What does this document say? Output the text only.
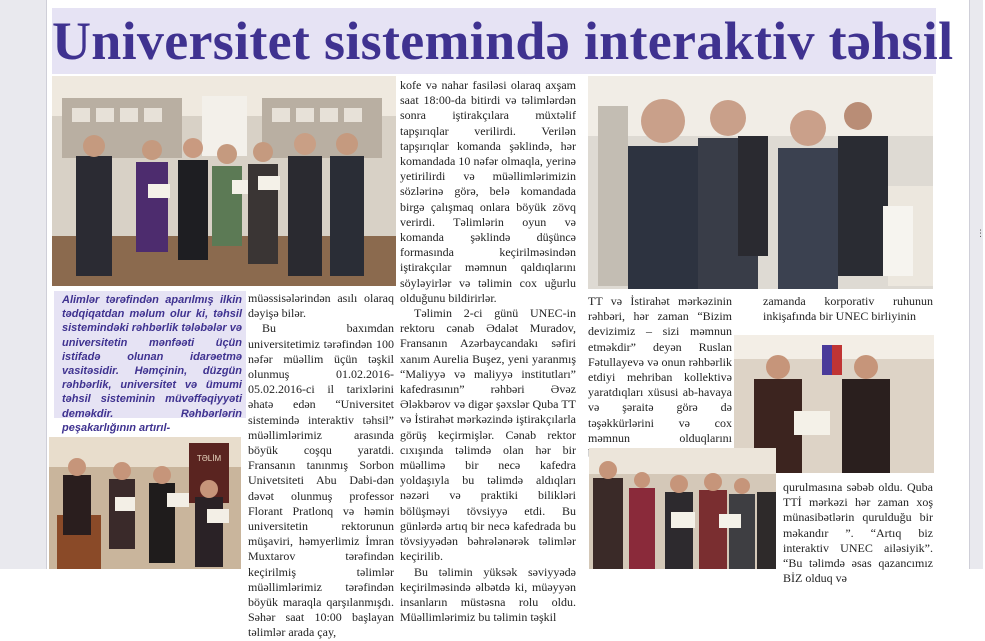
⋮
Universitet sistemində interaktiv təhsil

Alimlər tərəfindən aparılmış ilkin tədqiqatdan məlum olur ki, təhsil sistemindəki rəhbərlik tələbələr və universitetin mənfəəti üçün istifadə olunan idarəetmə vasitəsidir. Həmçinin, düzgün rəhbərlik, universitet və ümumi təhsil sisteminin müvəffəqiyyəti deməkdir. Rəhbərlərin peşakarlığının artırıl-

TƏLİM

müəssisələrindən asılı olaraq dəyişə bilər.

Bu baxımdan universitetimiz tərəfindən 100 nəfər müəllim üçün təşkil olunmuş 01.02.2016-05.02.2016-ci il tarixlərini əhatə edən “Universitet sistemində interaktiv təhsil” müəllimlərimiz arasında böyük coşqu yaratdi. Fransanın tanınmış Sorbon Univetsiteti Abu Dabi-dən dəvət olunmuş professor Florant Pratlonq və həmin universitetin rektorunun müşaviri, həmyerlimiz İmran Muxtarov tərəfindən keçirilmiş təlimlər müəllimlərimiz tərəfindən böyük maraqla qarşılanmışdı. Səhər saat 10:00 başlayan təlimlər arada çay,

kofe və nahar fasiləsi olaraq axşam saat 18:00-da bitirdi və təlimlərdən sonra iştirakçılara müxtəlif tapşırıqlar verilirdi. Verilən tapşırıqlar komanda şəklində, hər komandada 10 nəfər olmaqla, yerinə yetirilirdi və müəllimlərimizin sözlərinə görə, belə komandada birgə çalışmaq onlara böyük zövq verirdi. Təlimlərin oyun və komanda şəklində düşüncə formasında keçirilməsindən iştirakçılar məmnun qaldıqlarını söyləyirlər və təlimin cox uğurlu olduğunu bildirirlər.

Təlimin 2-ci günü UNEC-in rektoru cənab Ədalət Muradov, Fransanın Azərbaycandakı səfiri xanım Aurelia Buşez, yeni yaranmış “Maliyyə və maliyyə institutları” kafedrasının” rəhbəri Əvəz Ələkbərov və digər şəxslər Quba TT və İstirahət mərkəzində iştirakçılarla görüş keçirmişlər. Cənab rektor cıxışında təlimdə olan hər bir müəllimə bir necə kafedra yoldaşıyla bu təlimdə aldıqları nəzəri və praktiki bilikləri bölüşməyi tövsiyyə etdi. Bu günlərdə artıq bir necə kafedrada bu tövsiyyədən bəhrələnərək təlimlər keçirilib.

Bu təlimin yüksək səviyyədə keçirilməsində əlbətdə ki, müəyyən insanların müstəsna rolu oldu. Müəllimlərimiz bu təlimin təşkil

TT və İstirahət mərkəzinin rəhbəri, hər zaman “Bizim devizimiz – sizi məmnun etməkdir” deyən Ruslan Fətullayevə və onun rəhbərlik etdiyi mehriban kollektivə yaratdıqları xüsusi ab-havaya və şəraitə görə də təşəkkürlərini və cox məmnun olduqlarını

zamanda korporativ ruhunun inkişafında bir UNEC birliyinin

qurulmasına səbəb oldu. Quba TTİ mərkəzi hər zaman xoş münasibətlərin qurulduğu bir məkandır ”. “Artıq biz interaktiv UNEC ailəsiyik”. “Bu təlimdə əsas qazancımız BİZ olduq və
